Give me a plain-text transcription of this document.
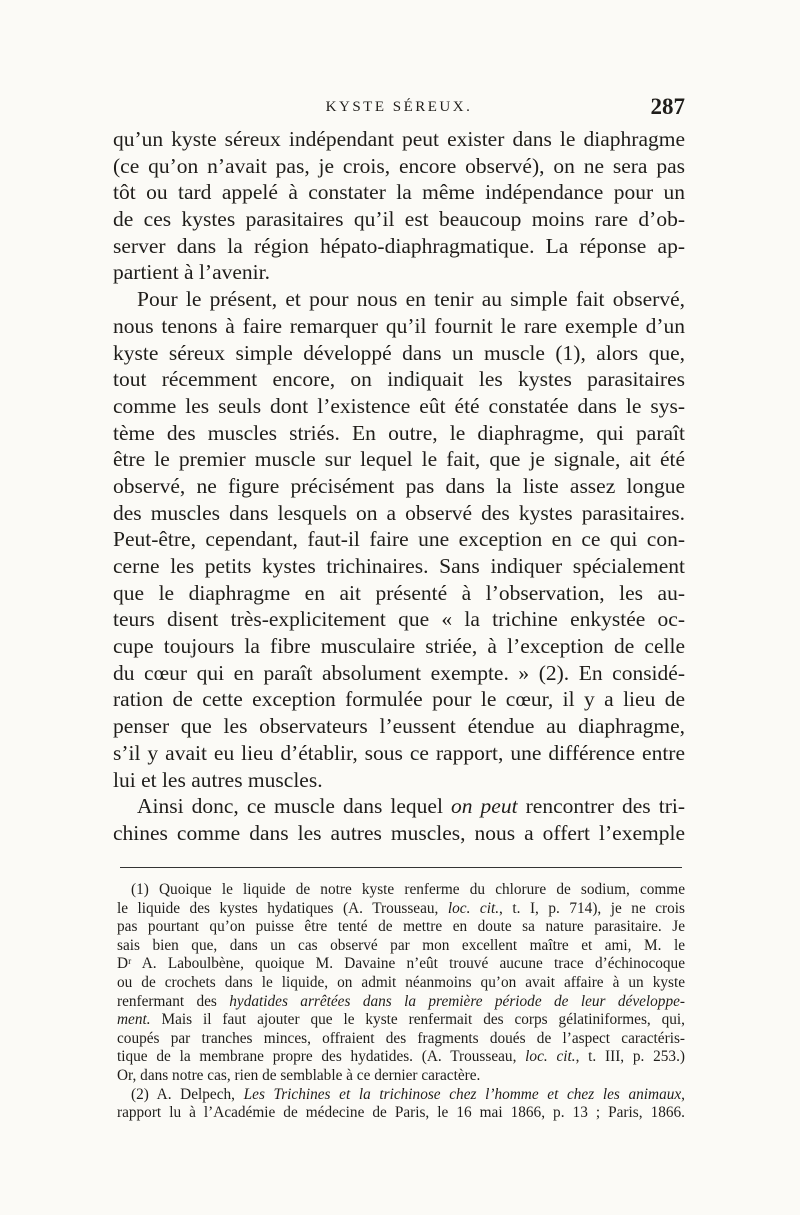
KYSTE SÉREUX.	287
qu’un kyste séreux indépendant peut exister dans le diaphragme
(ce qu’on n’avait pas, je crois, encore observé), on ne sera pas
tôt ou tard appelé à constater la même indépendance pour un
de ces kystes parasitaires qu’il est beaucoup moins rare d’ob-
server dans la région hépato-diaphragmatique. La réponse ap-
partient à l’avenir.
Pour le présent, et pour nous en tenir au simple fait observé,
nous tenons à faire remarquer qu’il fournit le rare exemple d’un
kyste séreux simple développé dans un muscle (1), alors que,
tout récemment encore, on indiquait les kystes parasitaires
comme les seuls dont l’existence eût été constatée dans le sys-
tème des muscles striés. En outre, le diaphragme, qui paraît
être le premier muscle sur lequel le fait, que je signale, ait été
observé, ne figure précisément pas dans la liste assez longue
des muscles dans lesquels on a observé des kystes parasitaires.
Peut-être, cependant, faut-il faire une exception en ce qui con-
cerne les petits kystes trichinaires. Sans indiquer spécialement
que le diaphragme en ait présenté à l’observation, les au-
teurs disent très-explicitement que « la trichine enkystée oc-
cupe toujours la fibre musculaire striée, à l’exception de celle
du cœur qui en paraît absolument exempte. » (2). En considé-
ration de cette exception formulée pour le cœur, il y a lieu de
penser que les observateurs l’eussent étendue au diaphragme,
s’il y avait eu lieu d’établir, sous ce rapport, une différence entre
lui et les autres muscles.
Ainsi donc, ce muscle dans lequel on peut rencontrer des tri-
chines comme dans les autres muscles, nous a offert l’exemple
(1) Quoique le liquide de notre kyste renferme du chlorure de sodium, comme
le liquide des kystes hydatiques (A. Trousseau, loc. cit., t. I, p. 714), je ne crois
pas pourtant qu’on puisse être tenté de mettre en doute sa nature parasitaire. Je
sais bien que, dans un cas observé par mon excellent maître et ami, M. le
Dʳ A. Laboulbène, quoique M. Davaine n’eût trouvé aucune trace d’échinocoque
ou de crochets dans le liquide, on admit néanmoins qu’on avait affaire à un kyste
renfermant des hydatides arrêtées dans la première période de leur développe-
ment. Mais il faut ajouter que le kyste renfermait des corps gélatiniformes, qui,
coupés par tranches minces, offraient des fragments doués de l’aspect caractéris-
tique de la membrane propre des hydatides. (A. Trousseau, loc. cit., t. III, p. 253.)
Or, dans notre cas, rien de semblable à ce dernier caractère.
(2) A. Delpech, Les Trichines et la trichinose chez l’homme et chez les animaux,
rapport lu à l’Académie de médecine de Paris, le 16 mai 1866, p. 13 ; Paris, 1866.
